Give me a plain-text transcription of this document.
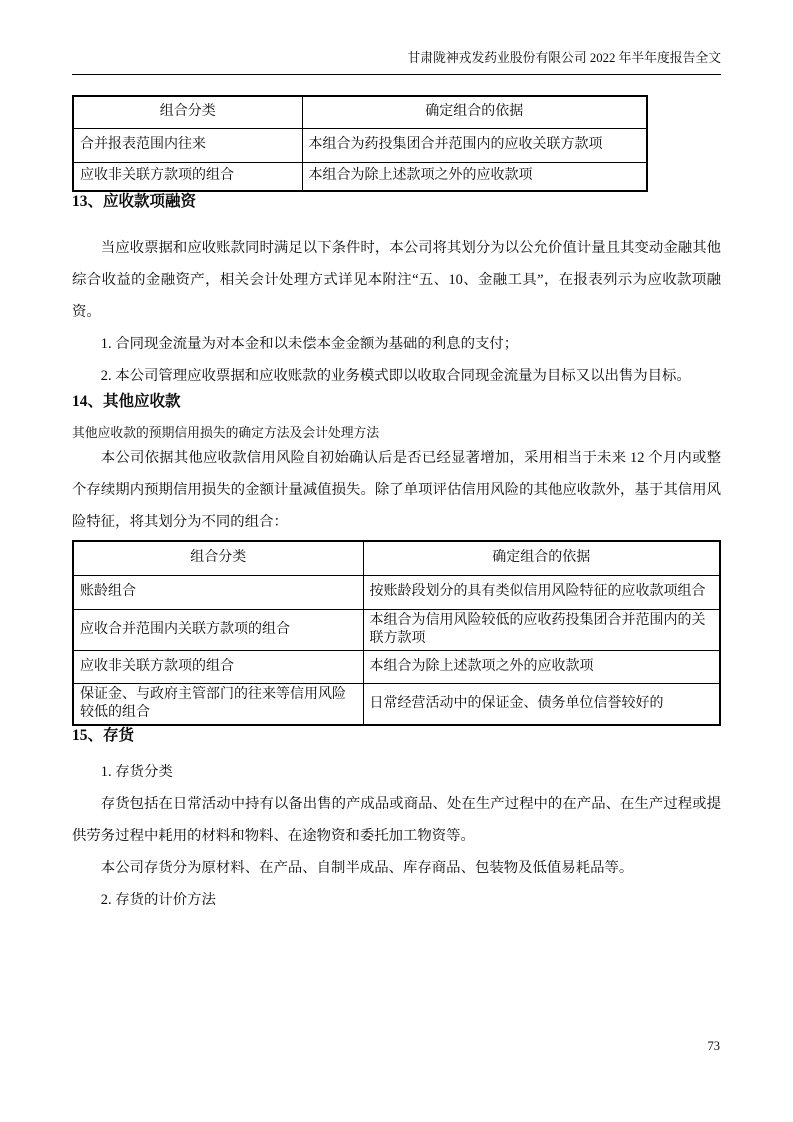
甘肃陇神戎发药业股份有限公司 2022 年半年度报告全文
组合分类	确定组合的依据
合并报表范围内往来	本组合为药投集团合并范围内的应收关联方款项
应收非关联方款项的组合	本组合为除上述款项之外的应收款项
13、应收款项融资

当应收票据和应收账款同时满足以下条件时，本公司将其划分为以公允价值计量且其变动金融其他综合收益的金融资产，相关会计处理方式详见本附注“五、10、金融工具”，在报表列示为应收款项融资。

1. 合同现金流量为对本金和以未偿本金金额为基础的利息的支付；

2. 本公司管理应收票据和应收账款的业务模式即以收取合同现金流量为目标又以出售为目标。

14、其他应收款

其他应收款的预期信用损失的确定方法及会计处理方法

本公司依据其他应收款信用风险自初始确认后是否已经显著增加，采用相当于未来 12 个月内或整个存续期内预期信用损失的金额计量减值损失。除了单项评估信用风险的其他应收款外，基于其信用风险特征，将其划分为不同的组合：

组合分类	确定组合的依据
账龄组合	按账龄段划分的具有类似信用风险特征的应收款项组合
应收合并范围内关联方款项的组合	本组合为信用风险较低的应收药投集团合并范围内的关联方款项
应收非关联方款项的组合	本组合为除上述款项之外的应收款项
保证金、与政府主管部门的往来等信用风险较低的组合	日常经营活动中的保证金、债务单位信誉较好的
15、存货

1. 存货分类

存货包括在日常活动中持有以备出售的产成品或商品、处在生产过程中的在产品、在生产过程或提供劳务过程中耗用的材料和物料、在途物资和委托加工物资等。

本公司存货分为原材料、在产品、自制半成品、库存商品、包装物及低值易耗品等。

2. 存货的计价方法

73
